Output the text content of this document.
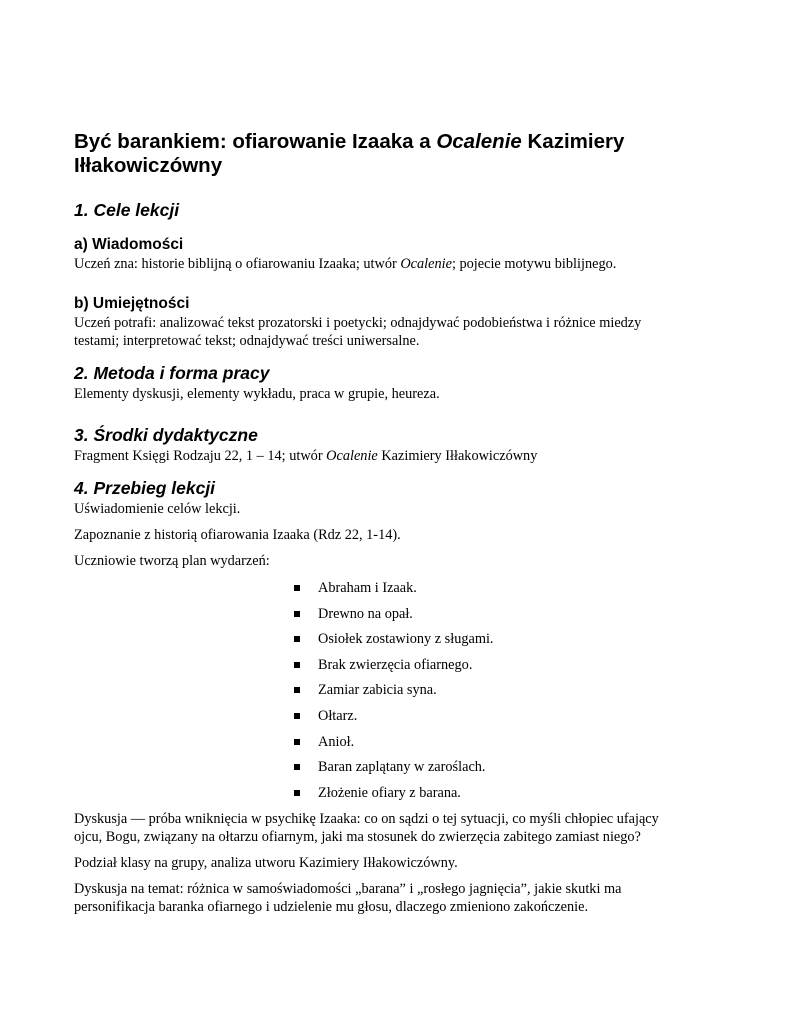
Być barankiem: ofiarowanie Izaaka a Ocalenie Kazimiery
Iłłakowiczówny
1. Cele lekcji
a) Wiadomości

Uczeń zna: historie biblijną o ofiarowaniu Izaaka; utwór Ocalenie; pojecie motywu biblijnego.

b) Umiejętności

Uczeń potrafi: analizować tekst prozatorski i poetycki; odnajdywać podobieństwa i różnice miedzy
testami; interpretować tekst; odnajdywać treści uniwersalne.

2. Metoda i forma pracy

Elementy dyskusji, elementy wykładu, praca w grupie, heureza.

3. Środki dydaktyczne

Fragment Księgi Rodzaju 22, 1 – 14; utwór Ocalenie Kazimiery Iłłakowiczówny

4. Przebieg lekcji

Uświadomienie celów lekcji.

Zapoznanie z historią ofiarowania Izaaka (Rdz 22, 1-14).

Uczniowie tworzą plan wydarzeń:

Abraham i Izaak.
Drewno na opał.
Osiołek zostawiony z sługami.
Brak zwierzęcia ofiarnego.
Zamiar zabicia syna.
Ołtarz.
Anioł.
Baran zaplątany w zaroślach.
Złożenie ofiary z barana.

Dyskusja — próba wniknięcia w psychikę Izaaka: co on sądzi o tej sytuacji, co myśli chłopiec ufający
ojcu, Bogu, związany na ołtarzu ofiarnym, jaki ma stosunek do zwierzęcia zabitego zamiast niego?

Podział klasy na grupy, analiza utworu Kazimiery Iłłakowiczówny.

Dyskusja na temat: różnica w samoświadomości „barana” i „rosłego jagnięcia”, jakie skutki ma
personifikacja baranka ofiarnego i udzielenie mu głosu, dlaczego zmieniono zakończenie.
